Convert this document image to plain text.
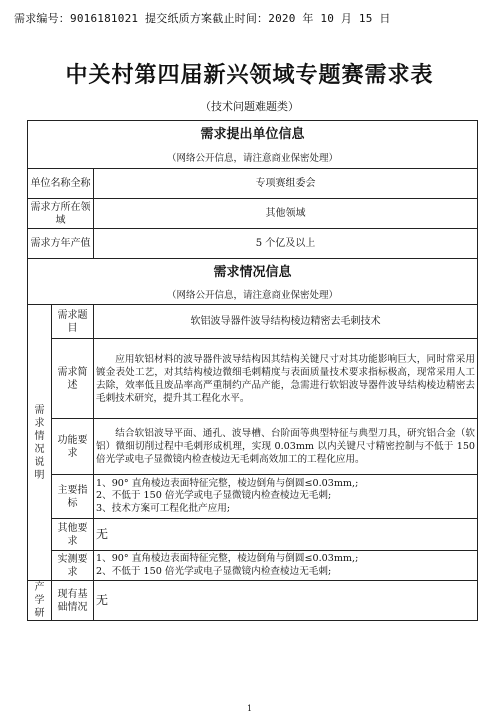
需求编号：9016181021 提交纸质方案截止时间：2020 年 10 月 15 日
中关村第四届新兴领域专题赛需求表
（技术问题难题类）
需求提出单位信息		
（网络公开信息，请注意商业保密处理）		
单位名称全称		专项赛组委会
需求方所在领域		其他领域
需求方年产值		5 个亿及以上
需求情况信息		
（网络公开信息，请注意商业保密处理）		
需求情况说明	需求题目	软铝波导器件波导结构棱边精密去毛刺技术
	需求简述	应用软铝材料的波导器件波导结构因其结构关键尺寸对其功能影响巨大，同时常采用镀金表处工艺，对其结构棱边微细毛刺精度与表面质量技术要求指标极高，现常采用人工去除，效率低且废品率高严重制约产品产能，急需进行软铝波导器件波导结构棱边精密去毛刺技术研究，提升其工程化水平。
	功能要求	结合软铝波导平面、通孔、波导槽、台阶面等典型特征与典型刀具，研究铝合金（软铝）微细切削过程中毛刺形成机理，实现 0.03mm 以内关键尺寸精密控制与不低于 150 倍光学或电子显微镜内检查棱边无毛刺高效加工的工程化应用。
	主要指标	1、90° 直角棱边表面特征完整，棱边倒角与倒圆≤0.03mm,;
2、不低于 150 倍光学或电子显微镜内检查棱边无毛刺;
3、技术方案可工程化批产应用;

	其他要求	无
	实测要求	1、90° 直角棱边表面特征完整，棱边倒角与倒圆≤0.03mm,;
2、不低于 150 倍光学或电子显微镜内检查棱边无毛刺;

产学研	现有基础情况	无
1
